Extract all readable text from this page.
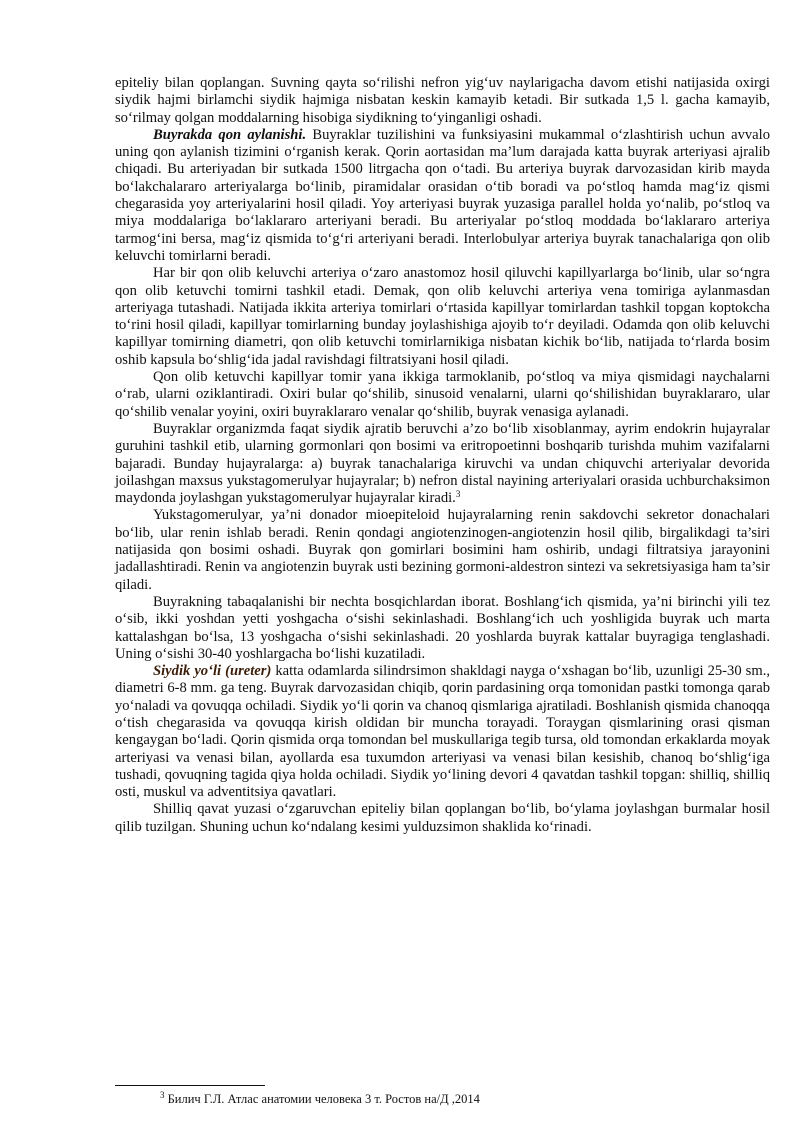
epiteliy bilan qoplangan. Suvning qayta so‘rilishi nefron yig‘uv naylarigacha davom etishi natijasida oxirgi siydik hajmi birlamchi siydik hajmiga nisbatan keskin kamayib ketadi. Bir sutkada 1,5 l. gacha kamayib, so‘rilmay qolgan moddalarning hisobiga siydikning to‘yinganligi oshadi.

Buyrakda qon aylanishi. Buyraklar tuzilishini va funksiyasini mukammal o‘zlashtirish uchun avvalo uning qon aylanish tizimini o‘rganish kerak. Qorin aortasidan ma’lum darajada katta buyrak arteriyasi ajralib chiqadi. Bu arteriyadan bir sutkada 1500 litrgacha qon o‘tadi. Bu arteriya buyrak darvozasidan kirib mayda bo‘lakchalararo arteriyalarga bo‘linib, piramidalar orasidan o‘tib boradi va po‘stloq hamda mag‘iz qismi chegarasida yoy arteriyalarini hosil qiladi. Yoy arteriyasi buyrak yuzasiga parallel holda yo‘nalib, po‘stloq va miya moddalariga bo‘laklararo arteriyani beradi. Bu arteriyalar po‘stloq moddada bo‘laklararo arteriya tarmog‘ini bersa, mag‘iz qismida to‘g‘ri arteriyani beradi. Interlobulyar arteriya buyrak tanachalariga qon olib keluvchi tomirlarni beradi.

Har bir qon olib keluvchi arteriya o‘zaro anastomoz hosil qiluvchi kapillyarlarga bo‘linib, ular so‘ngra qon olib ketuvchi tomirni tashkil etadi. Demak, qon olib keluvchi arteriya vena tomiriga aylanmasdan arteriyaga tutashadi. Natijada ikkita arteriya tomirlari o‘rtasida kapillyar tomirlardan tashkil topgan koptokcha to‘rini hosil qiladi, kapillyar tomirlarning bunday joylashishiga ajoyib to‘r deyiladi. Odamda qon olib keluvchi kapillyar tomirning diametri, qon olib ketuvchi tomirlarnikiga nisbatan kichik bo‘lib, natijada to‘rlarda bosim oshib kapsula bo‘shlig‘ida jadal ravishdagi filtratsiyani hosil qiladi.

Qon olib ketuvchi kapillyar tomir yana ikkiga tarmoklanib, po‘stloq va miya qismidagi naychalarni o‘rab, ularni oziklantiradi. Oxiri bular qo‘shilib, sinusoid venalarni, ularni qo‘shilishidan buyraklararo, ular qo‘shilib venalar yoyini, oxiri buyraklararo venalar qo‘shilib, buyrak venasiga aylanadi.

Buyraklar organizmda faqat siydik ajratib beruvchi a’zo bo‘lib xisoblanmay, ayrim endokrin hujayralar guruhini tashkil etib, ularning gormonlari qon bosimi va eritropoetinni boshqarib turishda muhim vazifalarni bajaradi. Bunday hujayralarga: a) buyrak tanachalariga kiruvchi va undan chiquvchi arteriyalar devorida joilashgan maxsus yukstagomerulyar hujayralar; b) nefron distal nayining arteriyalari orasida uchburchaksimon maydonda joylashgan yukstagomerulyar hujayralar kiradi.$^3$

Yukstagomerulyar, ya’ni donador mioepiteloid hujayralarning renin sakdovchi sekretor donachalari bo‘lib, ular renin ishlab beradi. Renin qondagi angiotenzinogen-angiotenzin hosil qilib, birgalikdagi ta’siri natijasida qon bosimi oshadi. Buyrak qon gomirlari bosimini ham oshirib, undagi filtratsiya jarayonini jadallashtiradi. Renin va angiotenzin buyrak usti bezining gormoni-aldestron sintezi va sekretsiyasiga ham ta’sir qiladi.

Buyrakning tabaqalanishi bir nechta bosqichlardan iborat. Boshlang‘ich qismida, ya’ni birinchi yili tez o‘sib, ikki yoshdan yetti yoshgacha o‘sishi sekinlashadi. Boshlang‘ich uch yoshligida buyrak uch marta kattalashgan bo‘lsa, 13 yoshgacha o‘sishi sekinlashadi. 20 yoshlarda buyrak kattalar buyragiga tenglashadi. Uning o‘sishi 30-40 yoshlargacha bo‘lishi kuzatiladi.

Siydik yo‘li (ureter) katta odamlarda silindrsimon shakldagi nayga o‘xshagan bo‘lib, uzunligi 25-30 sm., diametri 6-8 mm. ga teng. Buyrak darvozasidan chiqib, qorin pardasining orqa tomonidan pastki tomonga qarab yo‘naladi va qovuqqa ochiladi. Siydik yo‘li qorin va chanoq qismlariga ajratiladi. Boshlanish qismida chanoqqa o‘tish chegarasida va qovuqqa kirish oldidan bir muncha torayadi. Toraygan qismlarining orasi qisman kengaygan bo‘ladi. Qorin qismida orqa tomondan bel muskullariga tegib tursa, old tomondan erkaklarda moyak arteriyasi va venasi bilan, ayollarda esa tuxumdon arteriyasi va venasi bilan kesishib, chanoq bo‘shlig‘iga tushadi, qovuqning tagida qiya holda ochiladi. Siydik yo‘lining devori 4 qavatdan tashkil topgan: shilliq, shilliq osti, muskul va adventitsiya qavatlari.

Shilliq qavat yuzasi o‘zgaruvchan epiteliy bilan qoplangan bo‘lib, bo‘ylama joylashgan burmalar hosil qilib tuzilgan. Shuning uchun ko‘ndalang kesimi yulduzsimon shaklida ko‘rinadi.

$^3$ Билич Г.Л. Атлас анатомии человека 3 т. Ростов на/Д ,2014
